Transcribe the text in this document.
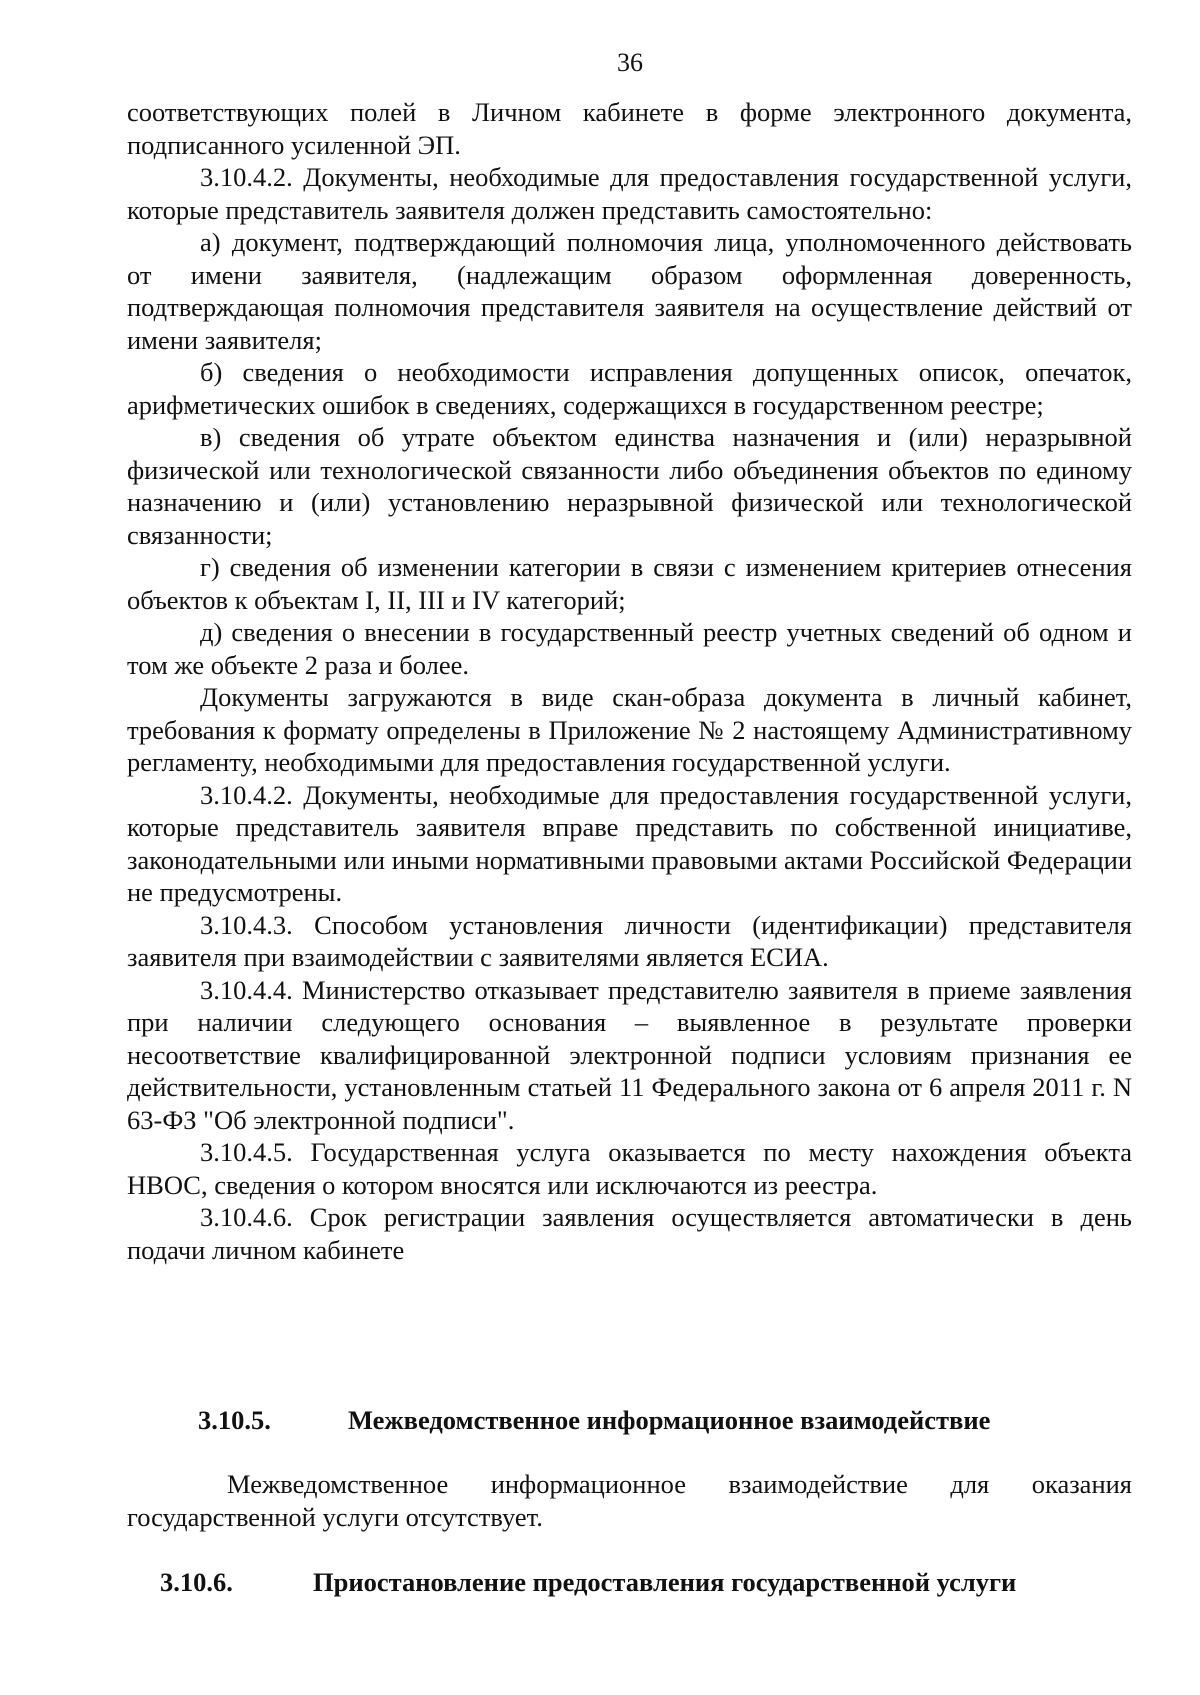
36

соответствующих полей в Личном кабинете в форме электронного документа, подписанного усиленной ЭП.

3.10.4.2. Документы, необходимые для предоставления государственной услуги, которые представитель заявителя должен представить самостоятельно:

а) документ, подтверждающий полномочия лица, уполномоченного действовать от имени заявителя, (надлежащим образом оформленная доверенность, подтверждающая полномочия представителя заявителя на осуществление действий от имени заявителя;

б) сведения о необходимости исправления допущенных описок, опечаток, арифметических ошибок в сведениях, содержащихся в государственном реестре;

в) сведения об утрате объектом единства назначения и (или) неразрывной физической или технологической связанности либо объединения объектов по единому назначению и (или) установлению неразрывной физической или технологической связанности;

г) сведения об изменении категории в связи с изменением критериев отнесения объектов к объектам I, II, III и IV категорий;

д) сведения о внесении в государственный реестр учетных сведений об одном и том же объекте 2 раза и более.

Документы загружаются в виде скан-образа документа в личный кабинет, требования к формату определены в Приложение № 2 настоящему Административному регламенту, необходимыми для предоставления государственной услуги.

3.10.4.2. Документы, необходимые для предоставления государственной услуги, которые представитель заявителя вправе представить по собственной инициативе, законодательными или иными нормативными правовыми актами Российской Федерации не предусмотрены.

3.10.4.3. Способом установления личности (идентификации) представителя заявителя при взаимодействии с заявителями является ЕСИА.

3.10.4.4. Министерство отказывает представителю заявителя в приеме заявления при наличии следующего основания – выявленное в результате проверки несоответствие квалифицированной электронной подписи условиям признания ее действительности, установленным статьей 11 Федерального закона от 6 апреля 2011 г. N 63-ФЗ "Об электронной подписи".

3.10.4.5. Государственная услуга оказывается по месту нахождения объекта НВОС, сведения о котором вносятся или исключаются из реестра.

3.10.4.6. Срок регистрации заявления осуществляется автоматически в день подачи личном кабинете

3.10.5.	Межведомственное информационное взаимодействие

Межведомственное информационное взаимодействие для оказания государственной услуги отсутствует.

3.10.6.	Приостановление предоставления государственной услуги
